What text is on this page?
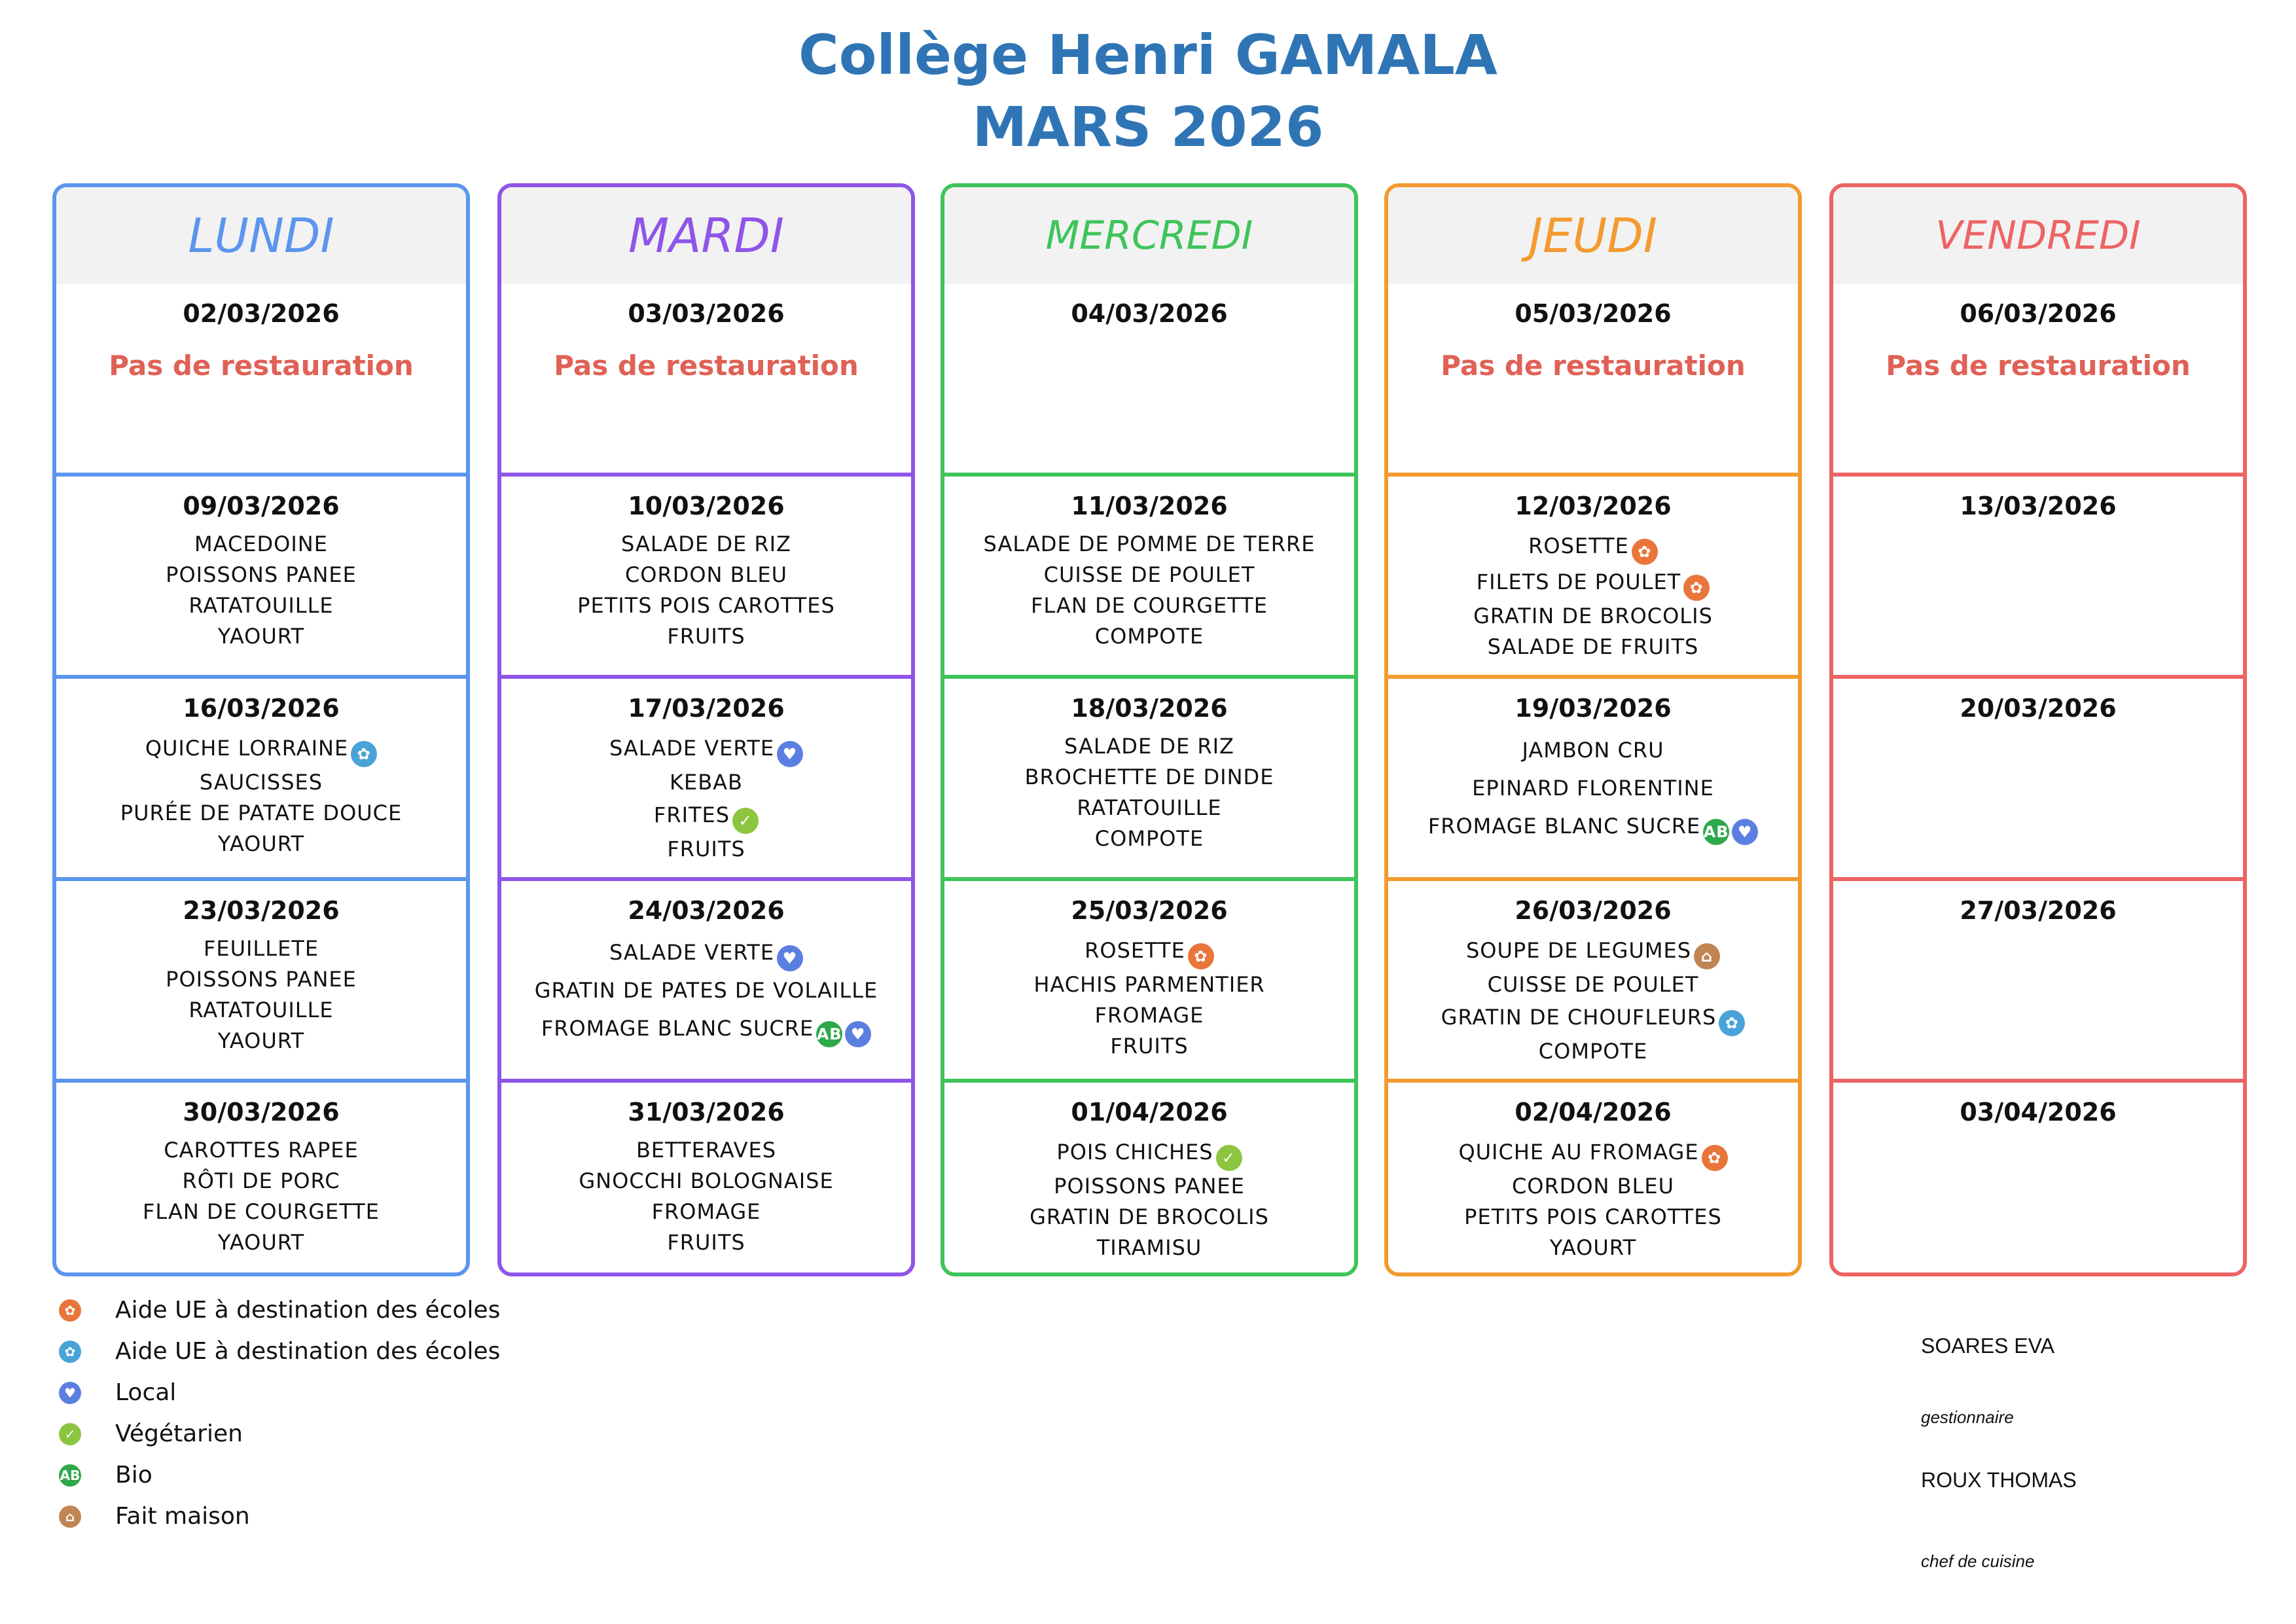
Collège Henri GAMALA
MARS 2026
LUNDI
02/03/2026
Pas de restauration
09/03/2026
MACEDOINE
POISSONS PANEE
RATATOUILLE
YAOURT
16/03/2026
QUICHE LORRAINE ✿
SAUCISSES
PURÉE DE PATATE DOUCE
YAOURT
23/03/2026
FEUILLETE
POISSONS PANEE
RATATOUILLE
YAOURT
30/03/2026
CAROTTES RAPEE
RÔTI DE PORC
FLAN DE COURGETTE
YAOURT
MARDI
03/03/2026
Pas de restauration
10/03/2026
SALADE DE RIZ
CORDON BLEU
PETITS POIS CAROTTES
FRUITS
17/03/2026
SALADE VERTE ♥
KEBAB
FRITES ✓
FRUITS
24/03/2026
SALADE VERTE ♥
GRATIN DE PATES DE VOLAILLE
FROMAGE BLANC SUCRE AB ♥
31/03/2026
BETTERAVES
GNOCCHI BOLOGNAISE
FROMAGE
FRUITS
MERCREDI
04/03/2026
11/03/2026
SALADE DE POMME DE TERRE
CUISSE DE POULET
FLAN DE COURGETTE
COMPOTE
18/03/2026
SALADE DE RIZ
BROCHETTE DE DINDE
RATATOUILLE
COMPOTE
25/03/2026
ROSETTE ✿
HACHIS PARMENTIER
FROMAGE
FRUITS
01/04/2026
POIS CHICHES ✓
POISSONS PANEE
GRATIN DE BROCOLIS
TIRAMISU
JEUDI
05/03/2026
Pas de restauration
12/03/2026
ROSETTE ✿
FILETS DE POULET ✿
GRATIN DE BROCOLIS
SALADE DE FRUITS
19/03/2026
JAMBON CRU
EPINARD FLORENTINE
FROMAGE BLANC SUCRE AB ♥
26/03/2026
SOUPE DE LEGUMES ⌂
CUISSE DE POULET
GRATIN DE CHOUFLEURS ✿
COMPOTE
02/04/2026
QUICHE AU FROMAGE ✿
CORDON BLEU
PETITS POIS CAROTTES
YAOURT
VENDREDI
06/03/2026
Pas de restauration
13/03/2026
20/03/2026
27/03/2026
03/04/2026
✿ Aide UE à destination des écoles
✿ Aide UE à destination des écoles
♥ Local
✓ Végétarien
AB Bio
⌂ Fait maison
SOARES EVA
gestionnaire
ROUX THOMAS
chef de cuisine
